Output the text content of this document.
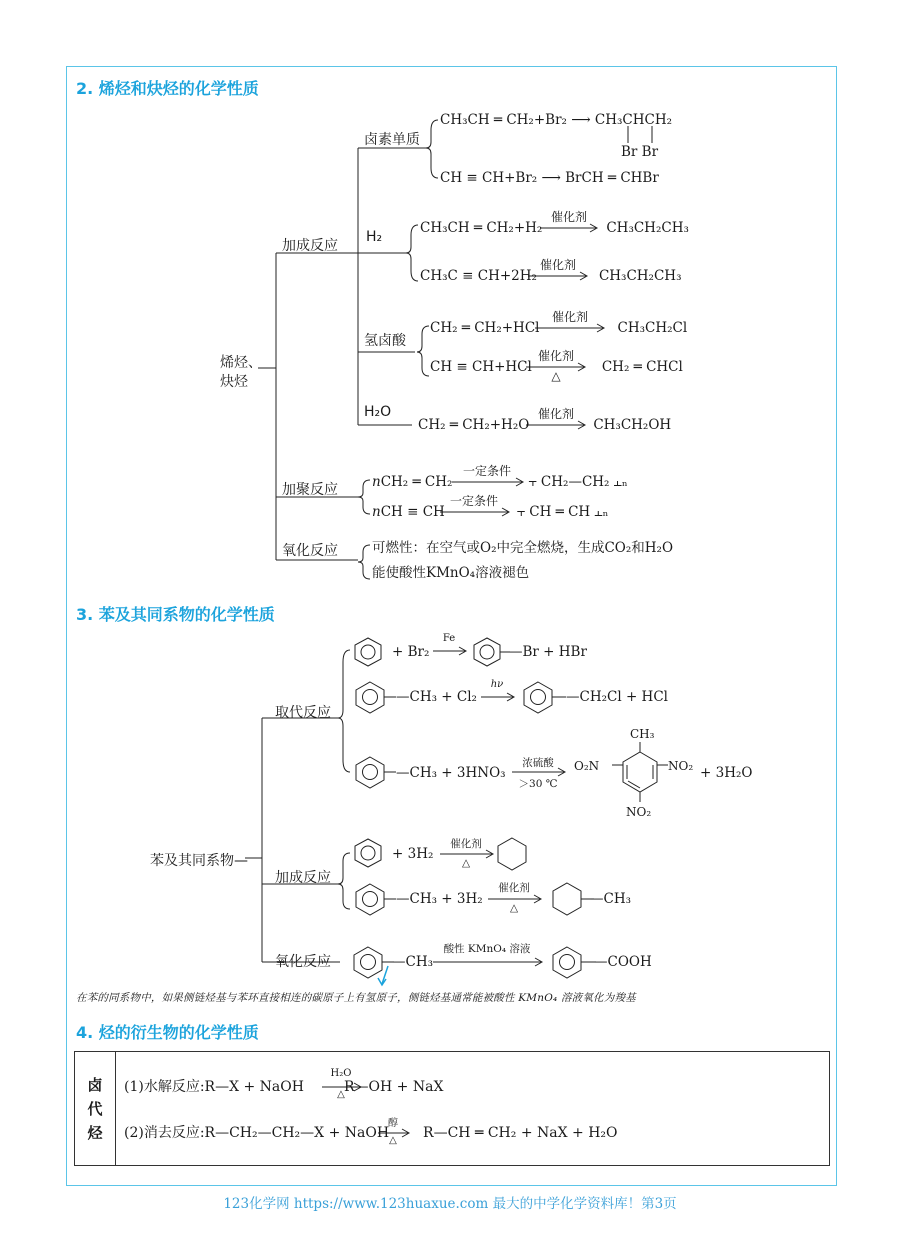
2. 烯烃和炔烃的化学性质
3. 苯及其同系物的化学性质
4. 烃的衍生物的化学性质
烯烃、
炔烃
加成反应
卤素单质
H₂
氢卤酸
H₂O
加聚反应
氧化反应
CH₃CH ═ CH₂+Br₂ ⟶ CH₃CHCH₂
Br Br
CH ≡ CH+Br₂ ⟶ BrCH ═ CHBr
CH₃CH ═ CH₂+H₂	CH₃CH₂CH₃
催化剂
CH₃C ≡ CH+2H₂	CH₃CH₂CH₃
催化剂
CH₂ ═ CH₂+HCl	CH₃CH₂Cl
催化剂
CH ≡ CH+HCl	CH₂ ═ CHCl
催化剂
△
CH₂ ═ CH₂+H₂O	CH₃CH₂OH
催化剂
nCH₂ ═ CH₂	⫟ CH₂—CH₂ ⫠ₙ
一定条件
nCH ≡ CH	⫟ CH ═ CH ⫠ₙ
一定条件
可燃性：在空气或O₂中完全燃烧，生成CO₂和H₂O
能使酸性KMnO₄溶液褪色
苯及其同系物—
取代反应
加成反应
氧化反应
+ Br₂
Fe
—Br + HBr
—CH₃ + Cl₂
hν
—CH₂Cl + HCl
—CH₃ + 3HNO₃
浓硫酸
＞30 ℃
CH₃
O₂N	NO₂
NO₂
+ 3H₂O
+ 3H₂
催化剂
△
—CH₃ + 3H₂
催化剂
△
—CH₃
—CH₃
酸性 KMnO₄ 溶液
—COOH
在苯的同系物中，如果侧链烃基与苯环直接相连的碳原子上有氢原子，侧链烃基通常能被酸性 KMnO₄ 溶液氧化为羧基
卤
代
烃
(1)水解反应:R—X + NaOH	R—OH + NaX
H₂O
△
(2)消去反应:R—CH₂—CH₂—X + NaOH R—CH ═ CH₂ + NaX + H₂O
醇
△
123化学网 https://www.123huaxue.com 最大的中学化学资料库！第3页
